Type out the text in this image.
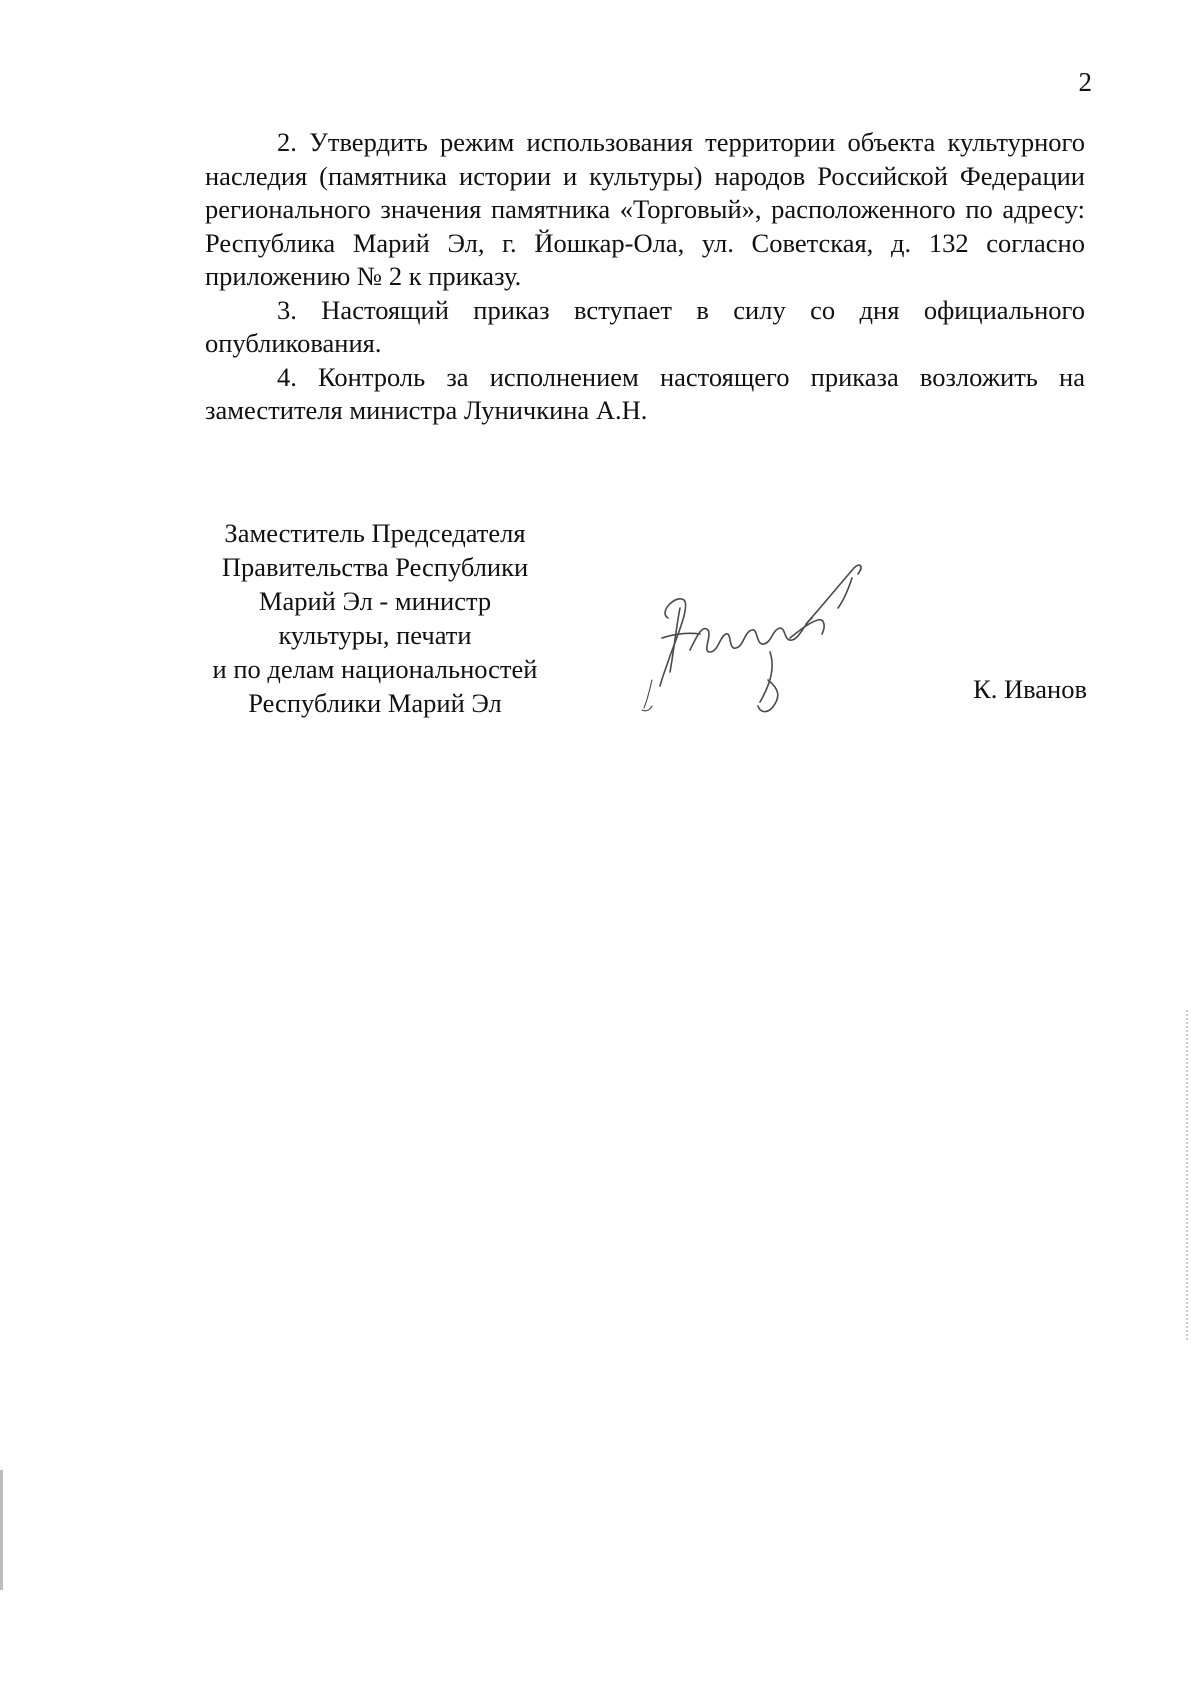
2

2. Утвердить режим использования территории объекта культурного наследия (памятника истории и культуры) народов Российской Федерации регионального значения памятника «Торговый», расположенного по адресу: Республика Марий Эл, г. Йошкар-Ола, ул. Советская, д. 132 согласно приложению № 2 к приказу.

3. Настоящий приказ вступает в силу со дня официального опубликования.

4. Контроль за исполнением настоящего приказа возложить на заместителя министра Луничкина А.Н.

Заместитель Председателя
Правительства Республики
Марий Эл - министр
культуры, печати
и по делам национальностей
Республики Марий Эл	К. Иванов
